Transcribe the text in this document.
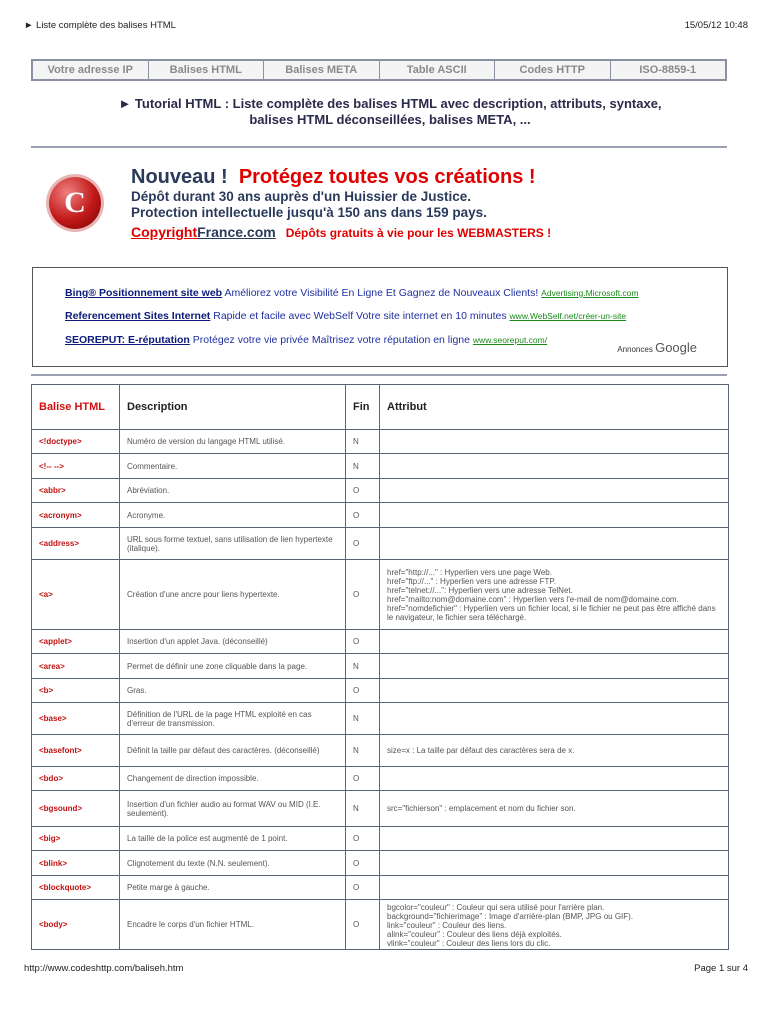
► Liste complète des balises HTML	15/05/12 10:48
Votre adresse IP	Balises HTML	Balises META	Table ASCII	Codes HTTP	ISO-8859-1
► Tutorial HTML : Liste complète des balises HTML avec description, attributs, syntaxe,
balises HTML déconseillées, balises META, ...
C
Nouveau ! Protégez toutes vos créations !
Dépôt durant 30 ans auprès d'un Huissier de Justice.
Protection intellectuelle jusqu'à 150 ans dans 159 pays.
CopyrightFrance.com Dépôts gratuits à vie pour les WEBMASTERS !
Bing® Positionnement site web Améliorez votre Visibilité En Ligne Et Gagnez de Nouveaux Clients! Advertising.Microsoft.com
Referencement Sites Internet Rapide et facile avec WebSelf Votre site internet en 10 minutes www.WebSelf.net/créer-un-site
SEOREPUT: E-réputation Protégez votre vie privée Maîtrisez votre réputation en ligne www.seoreput.com/
Annonces Google
Balise HTML	Description	Fin	Attribut
<!doctype>	Numéro de version du langage HTML utilisé.	N	
<!-- -->	Commentaire.	N	
<abbr>	Abréviation.	O	
<acronym>	Acronyme.	O	
<address>	URL sous forme textuel, sans utilisation de lien hypertexte (italique).	O	
<a>	Création d'une ancre pour liens hypertexte.	O	href="http://..." : Hyperlien vers une page Web.
href="ftp://..." : Hyperlien vers une adresse FTP.
href="telnet://...": Hyperlien vers une adresse TelNet.
href="mailto:nom@domaine.com" : Hyperlien vers l'e-mail de nom@domaine.com.
href="nomdefichier" : Hyperlien vers un fichier local, si le fichier ne peut pas être affiché dans le navigateur, le fichier sera téléchargé.

<applet>	Insertion d'un applet Java. (déconseillé)	O	
<area>	Permet de définir une zone cliquable dans la page.	N	
<b>	Gras.	O	
<base>	Définition de l'URL de la page HTML exploité en cas d'erreur de transmission.	N	
<basefont>	Définit la taille par défaut des caractères. (déconseillé)	N	size=x : La taille par défaut des caractères sera de x.

<bdo>	Changement de direction impossible.	O	
<bgsound>	Insertion d'un fichier audio au format WAV ou MID (I.E. seulement).	N	src="fichierson" : emplacement et nom du fichier son.

<big>	La taille de la police est augmenté de 1 point.	O	
<blink>	Clignotement du texte (N.N. seulement).	O	
<blockquote>	Petite marge à gauche.	O	
<body>	Encadre le corps d'un fichier HTML.	O	bgcolor="couleur" : Couleur qui sera utilisé pour l'arrière plan.
background="fichierimage" : Image d'arrière-plan (BMP, JPG ou GIF).
link="couleur" : Couleur des liens.
alink="couleur" : Couleur des liens déjà exploités.
vlink="couleur" : Couleur des liens lors du clic.
http://www.codeshttp.com/baliseh.htm	Page 1 sur 4
